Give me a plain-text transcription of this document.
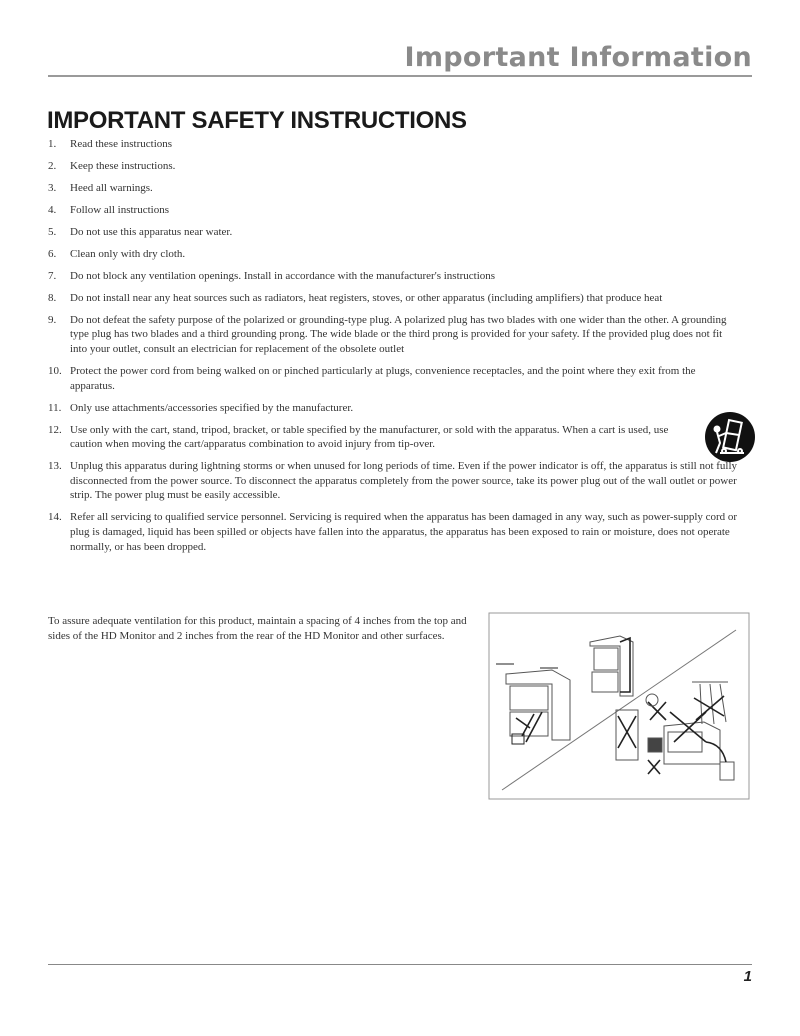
Important Information
IMPORTANT SAFETY INSTRUCTIONS
1. Read these instructions
2. Keep these instructions.
3. Heed all warnings.
4. Follow all instructions
5. Do not use this apparatus near water.
6. Clean only with dry cloth.
7. Do not block any ventilation openings. Install in accordance with the manufacturer's instructions
8. Do not install near any heat sources such as radiators, heat registers, stoves, or other apparatus (including amplifiers) that produce heat
9. Do not defeat the safety purpose of the polarized or grounding-type plug. A polarized plug has two blades with one wider than the other. A grounding type plug has two blades and a third grounding prong. The wide blade or the third prong is provided for your safety. If the provided plug does not fit into your outlet, consult an electrician for replacement of the obsolete outlet
10. Protect the power cord from being walked on or pinched particularly at plugs, convenience receptacles, and the point where they exit from the apparatus.
11. Only use attachments/accessories specified by the manufacturer.
12. Use only with the cart, stand, tripod, bracket, or table specified by the manufacturer, or sold with the apparatus. When a cart is used, use caution when moving the cart/apparatus combination to avoid injury from tip-over.
13. Unplug this apparatus during lightning storms or when unused for long periods of time. Even if the power indicator is off, the apparatus is still not fully disconnected from the power source. To disconnect the apparatus completely from the power source, take its power plug out of the wall outlet or power strip. The power plug must be easily accessible.
14. Refer all servicing to qualified service personnel. Servicing is required when the apparatus has been damaged in any way, such as power-supply cord or plug is damaged, liquid has been spilled or objects have fallen into the apparatus, the apparatus has been exposed to rain or moisture, does not operate normally, or has been dropped.
To assure adequate ventilation for this product, maintain a spacing of 4 inches from the top and sides of the HD Monitor and 2 inches from the rear of the HD Monitor and other surfaces.
1
